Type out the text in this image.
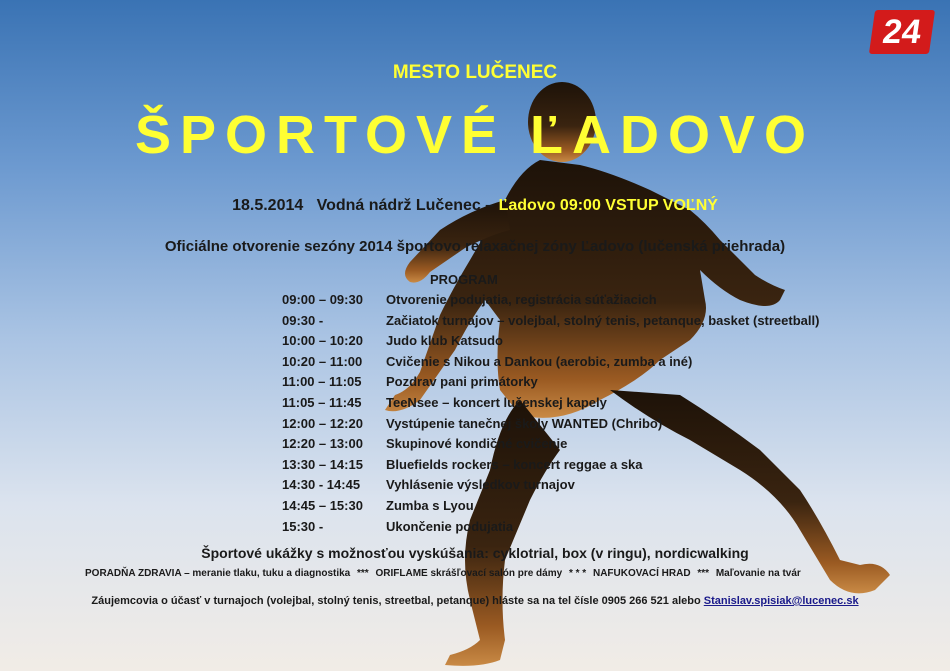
24
MESTO LUČENEC
ŠPORTOVÉ ĽADOVO
18.5.2014 Vodná nádrž Lučenec – Ľadovo 09:00 VSTUP VOĽNÝ
Oficiálne otvorenie sezóny 2014 športovo relaxačnej zóny Ľadovo (lučenská priehrada)
PROGRAM
09:00 – 09:30 Otvorenie podujatia, registrácia súťažiacich
09:30 -	Začiatok turnajov – volejbal, stolný tenis, petanque, basket (streetball)
10:00 – 10:20 Judo klub Katsudo
10:20 – 11:00 Cvičenie s Nikou a Dankou (aerobic, zumba a iné)
11:00 – 11:05 Pozdrav pani primátorky
11:05 – 11:45 TeeNsee – koncert lučenskej kapely
12:00 – 12:20 Vystúpenie tanečnej školy WANTED (Chribo)
12:20 – 13:00 Skupinové kondičné cvičenie
13:30 – 14:15 Bluefields rockers – koncert reggae a ska
14:30 - 14:45 Vyhlásenie výsledkov turnajov
14:45 – 15:30 Zumba s Lyou
15:30 -	Ukončenie podujatia
Športové ukážky s možnosťou vyskúšania: cyklotrial, box (v ringu), nordicwalking
PORADŇA ZDRAVIA – meranie tlaku, tuku a diagnostika *** ORIFLAME skrášľovací salón pre dámy * * * NAFUKOVACÍ HRAD *** Maľovanie na tvár
Záujemcovia o účasť v turnajoch (volejbal, stolný tenis, streetbal, petanque) hláste sa na tel čísle 0905 266 521 alebo Stanislav.spisiak@lucenec.sk
